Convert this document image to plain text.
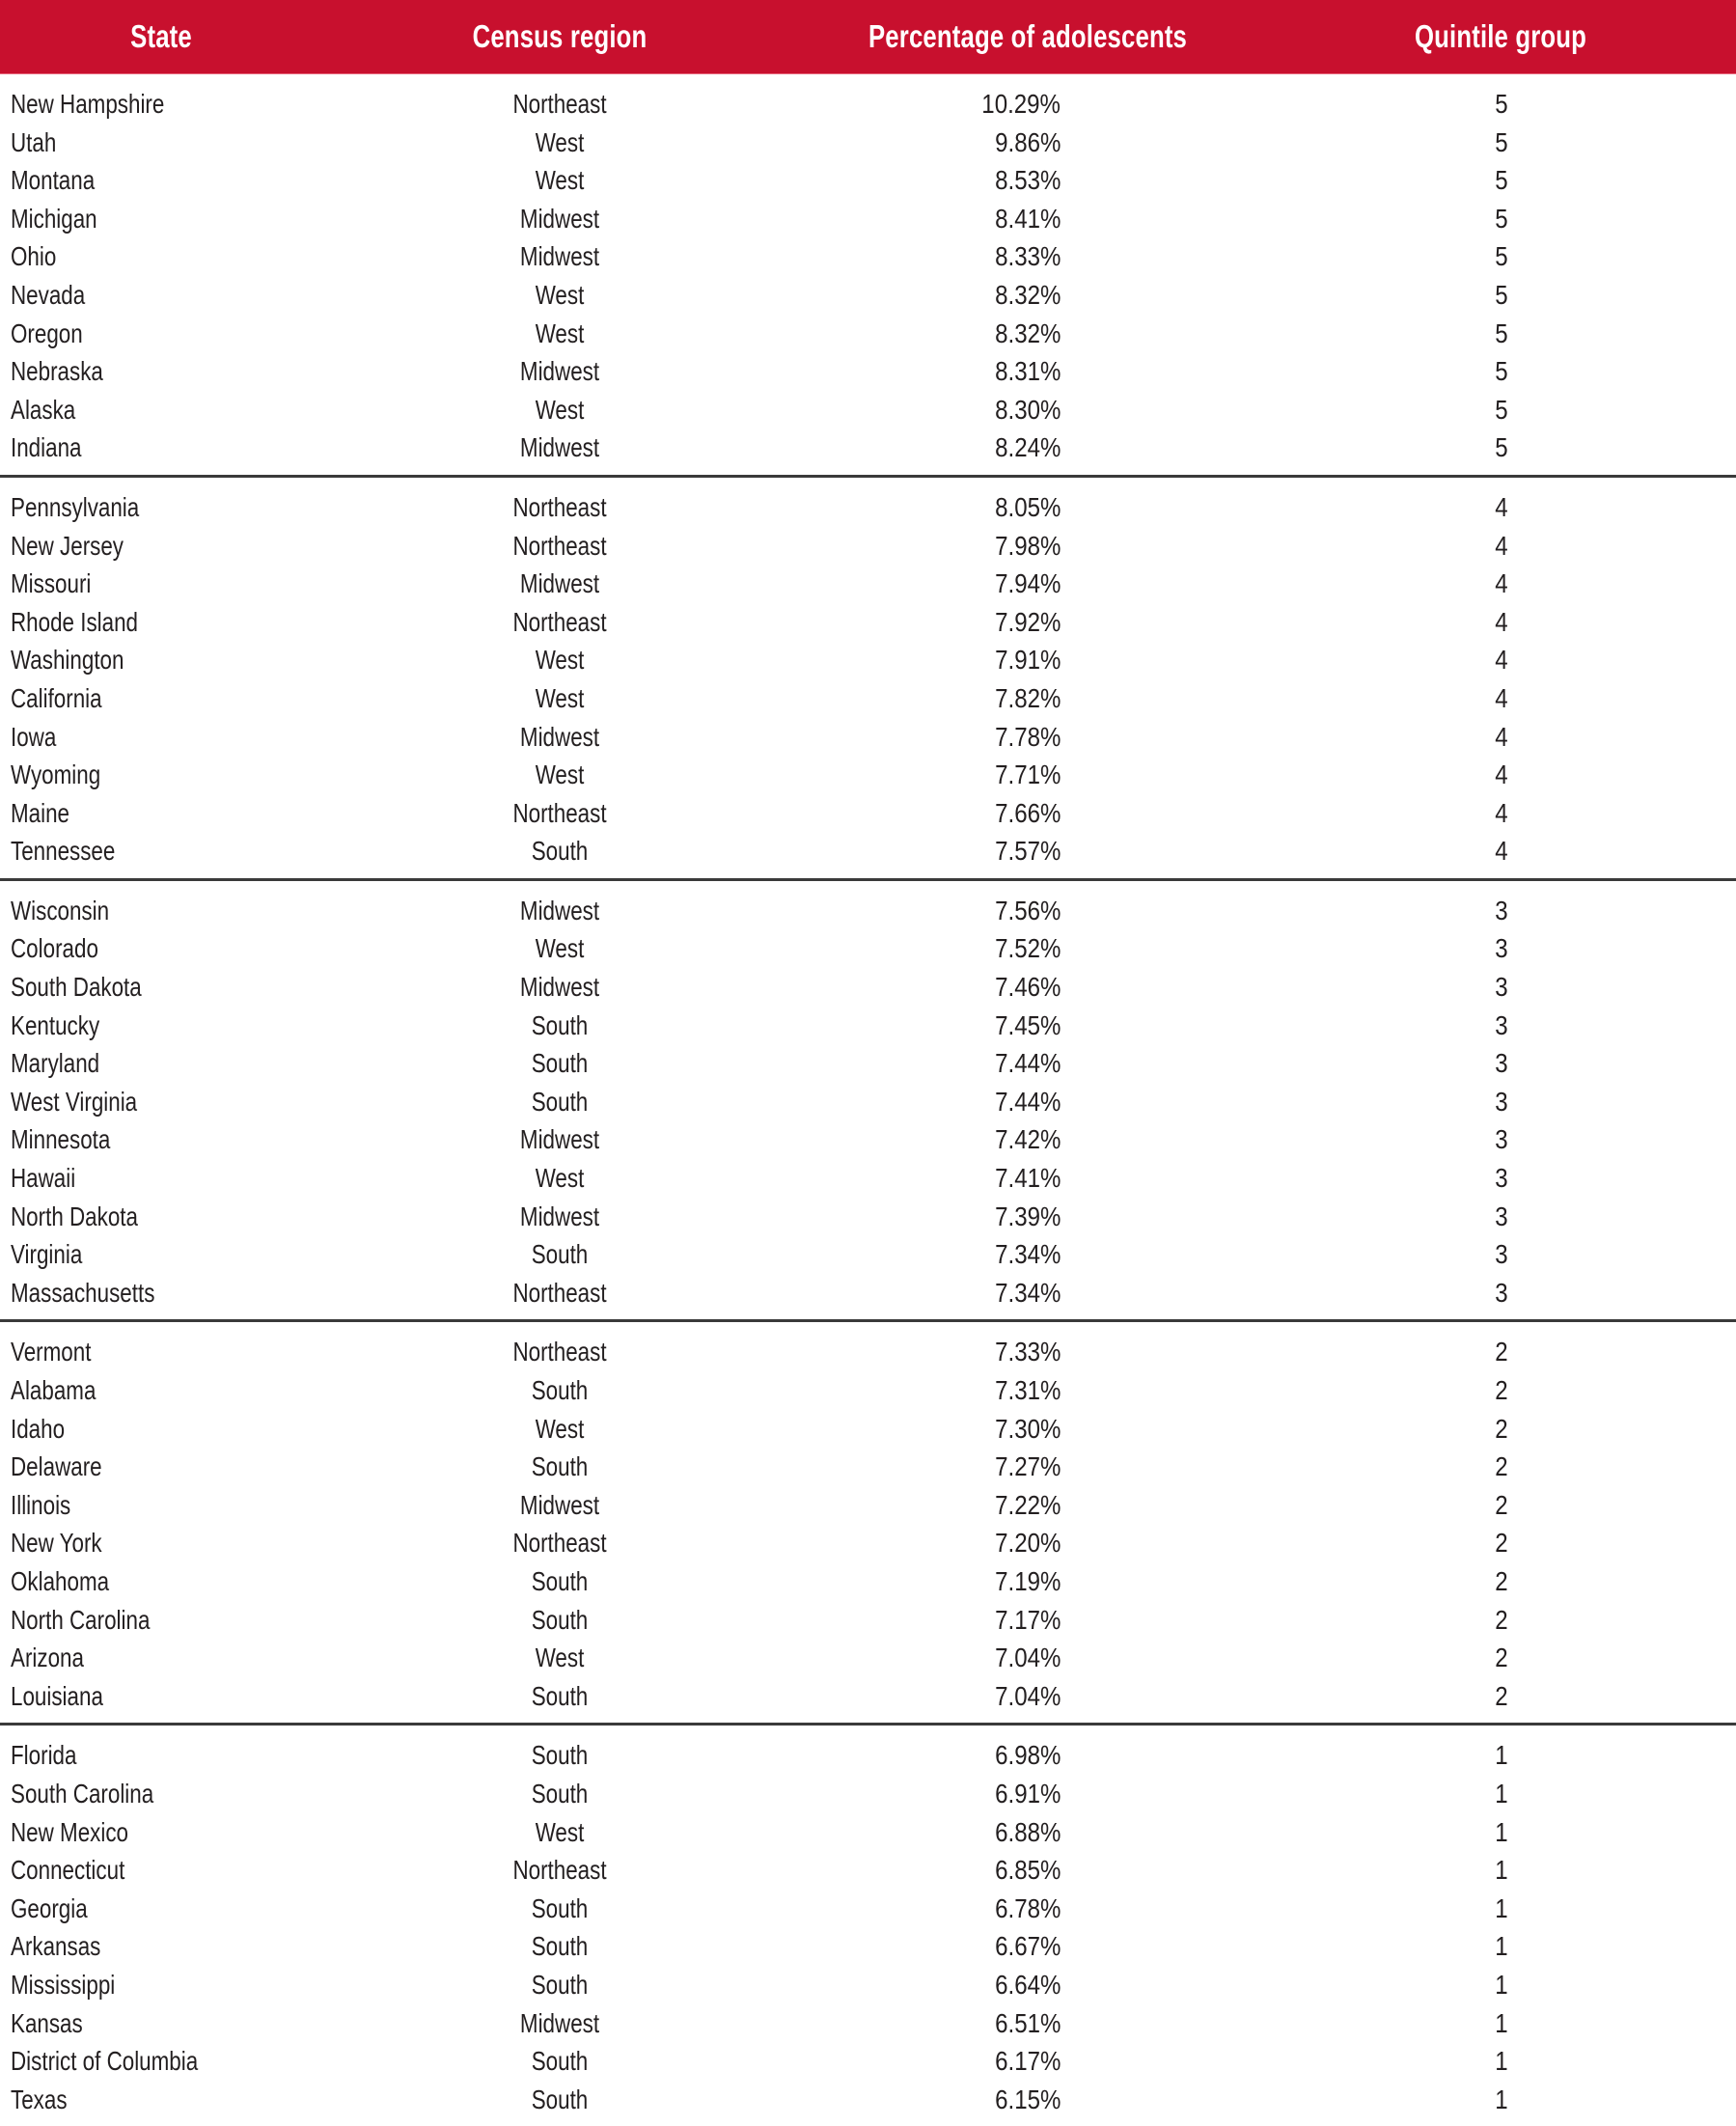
State	Census region	Percentage of adolescents	Quintile group
New Hampshire	Northeast	10.29%	5
Utah	West	9.86%	5
Montana	West	8.53%	5
Michigan	Midwest	8.41%	5
Ohio	Midwest	8.33%	5
Nevada	West	8.32%	5
Oregon	West	8.32%	5
Nebraska	Midwest	8.31%	5
Alaska	West	8.30%	5
Indiana	Midwest	8.24%	5
Pennsylvania	Northeast	8.05%	4
New Jersey	Northeast	7.98%	4
Missouri	Midwest	7.94%	4
Rhode Island	Northeast	7.92%	4
Washington	West	7.91%	4
California	West	7.82%	4
Iowa	Midwest	7.78%	4
Wyoming	West	7.71%	4
Maine	Northeast	7.66%	4
Tennessee	South	7.57%	4
Wisconsin	Midwest	7.56%	3
Colorado	West	7.52%	3
South Dakota	Midwest	7.46%	3
Kentucky	South	7.45%	3
Maryland	South	7.44%	3
West Virginia	South	7.44%	3
Minnesota	Midwest	7.42%	3
Hawaii	West	7.41%	3
North Dakota	Midwest	7.39%	3
Virginia	South	7.34%	3
Massachusetts	Northeast	7.34%	3
Vermont	Northeast	7.33%	2
Alabama	South	7.31%	2
Idaho	West	7.30%	2
Delaware	South	7.27%	2
Illinois	Midwest	7.22%	2
New York	Northeast	7.20%	2
Oklahoma	South	7.19%	2
North Carolina	South	7.17%	2
Arizona	West	7.04%	2
Louisiana	South	7.04%	2
Florida	South	6.98%	1
South Carolina	South	6.91%	1
New Mexico	West	6.88%	1
Connecticut	Northeast	6.85%	1
Georgia	South	6.78%	1
Arkansas	South	6.67%	1
Mississippi	South	6.64%	1
Kansas	Midwest	6.51%	1
District of Columbia	South	6.17%	1
Texas	South	6.15%	1
